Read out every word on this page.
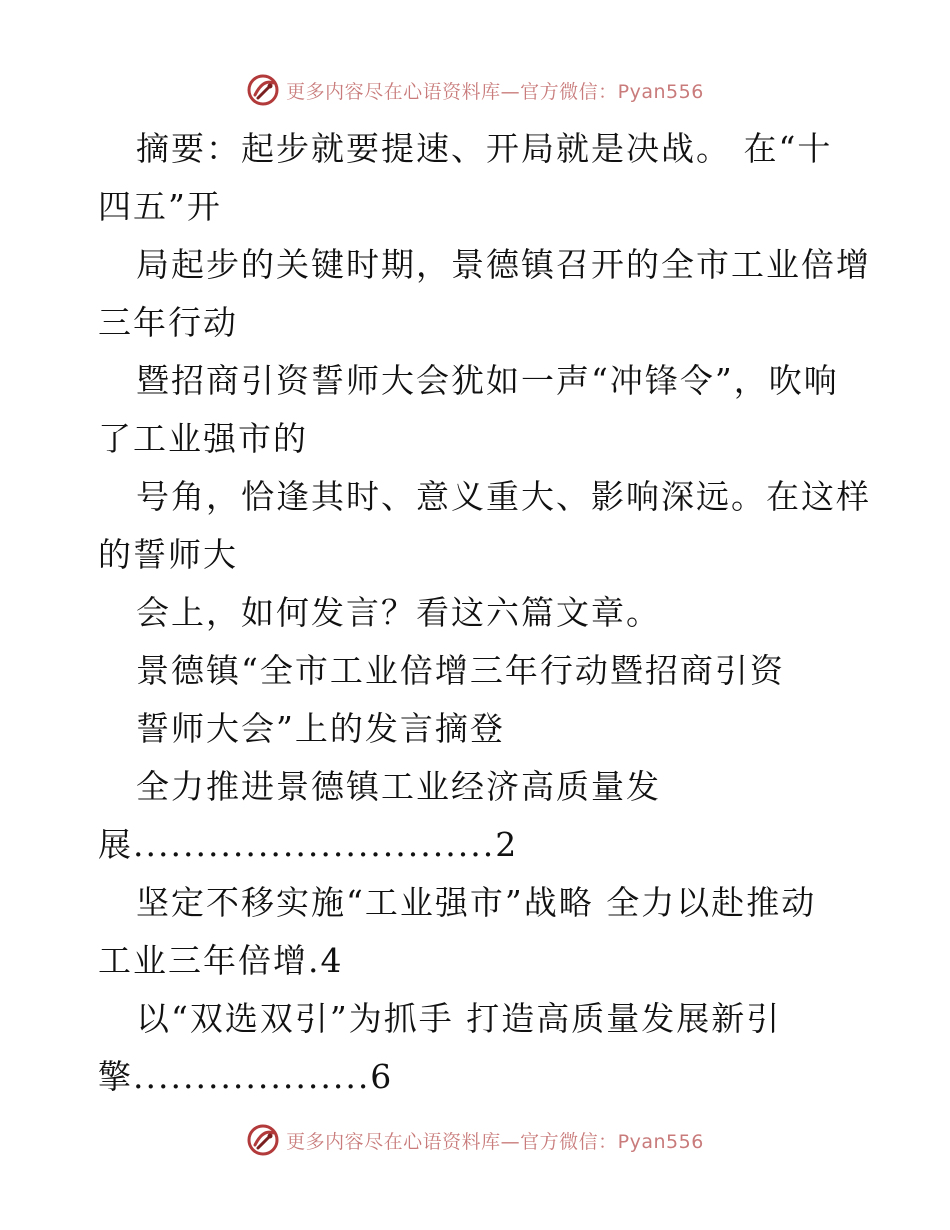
更多内容尽在心语资料库—官方微信：Pyan556
摘要：起步就要提速、开局就是决战。 在“十
四五”开
局起步的关键时期，景德镇召开的全市工业倍增
三年行动
暨招商引资誓师大会犹如一声“冲锋令”，吹响
了工业强市的
号角，恰逢其时、意义重大、影响深远。在这样
的誓师大
会上，如何发言？看这六篇文章。
景德镇“全市工业倍增三年行动暨招商引资
誓师大会”上的发言摘登
全力推进景德镇工业经济高质量发
展.............................2
坚定不移实施“工业强市”战略 全力以赴推动
工业三年倍增.4
以“双选双引”为抓手 打造高质量发展新引
擎...................6
更多内容尽在心语资料库—官方微信：Pyan556
